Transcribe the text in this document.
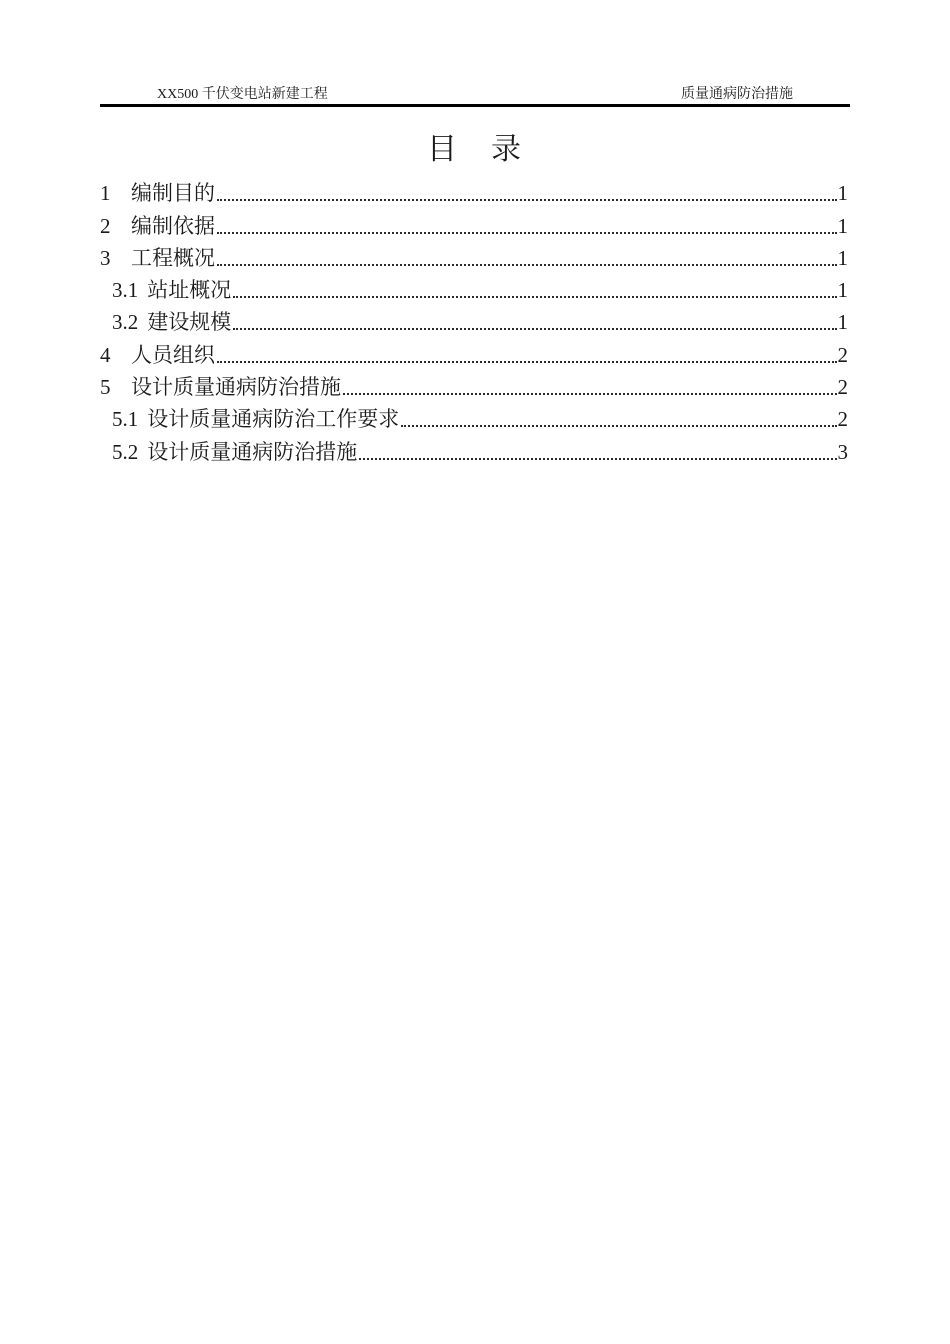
XX500 千伏变电站新建工程	质量通病防治措施
目　录
1 编制目的	1
2 编制依据	1
3 工程概况	1
3.1 站址概况	1
3.2 建设规模	1
4 人员组织	2
5 设计质量通病防治措施	2
5.1 设计质量通病防治工作要求	2
5.2 设计质量通病防治措施	3
